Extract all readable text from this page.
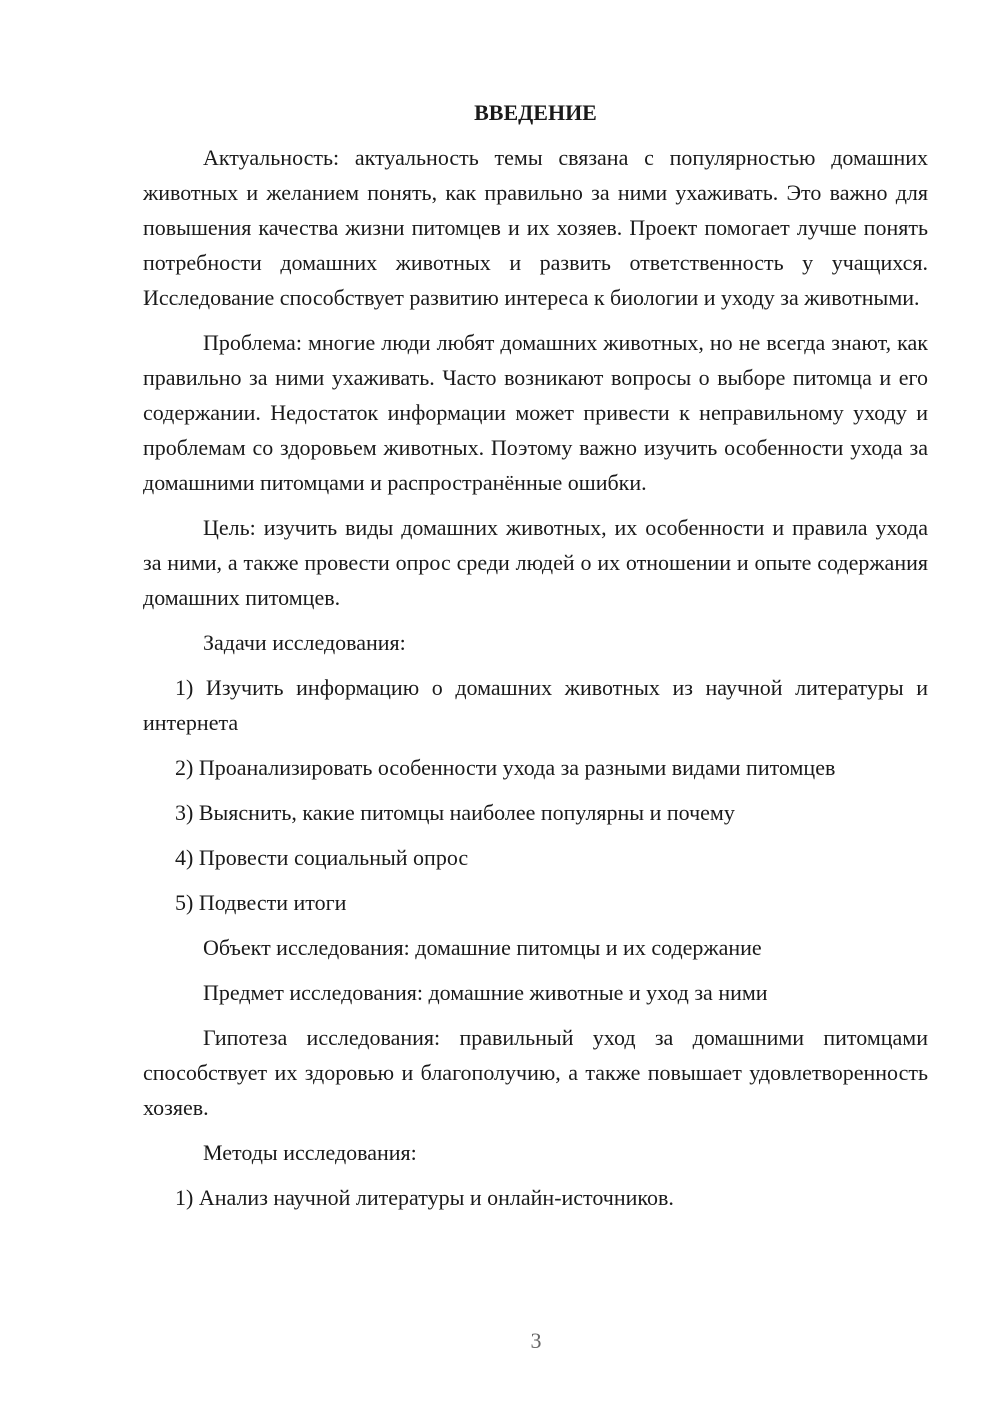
ВВЕДЕНИЕ

Актуальность: актуальность темы связана с популярностью домашних животных и желанием понять, как правильно за ними ухаживать. Это важно для повышения качества жизни питомцев и их хозяев. Проект помогает лучше понять потребности домашних животных и развить ответственность у учащихся. Исследование способствует развитию интереса к биологии и уходу за животными.

Проблема: многие люди любят домашних животных, но не всегда знают, как правильно за ними ухаживать. Часто возникают вопросы о выборе питомца и его содержании. Недостаток информации может привести к неправильному уходу и проблемам со здоровьем животных. Поэтому важно изучить особенности ухода за домашними питомцами и распространённые ошибки.

Цель: изучить виды домашних животных, их особенности и правила ухода за ними, а также провести опрос среди людей о их отношении и опыте содержания домашних питомцев.

Задачи исследования:

1) Изучить информацию о домашних животных из научной литературы и интернета

2) Проанализировать особенности ухода за разными видами питомцев

3) Выяснить, какие питомцы наиболее популярны и почему

4) Провести социальный опрос

5) Подвести итоги

Объект исследования: домашние питомцы и их содержание

Предмет исследования: домашние животные и уход за ними

Гипотеза исследования: правильный уход за домашними питомцами способствует их здоровью и благополучию, а также повышает удовлетворенность хозяев.

Методы исследования:

1) Анализ научной литературы и онлайн-источников.

3
